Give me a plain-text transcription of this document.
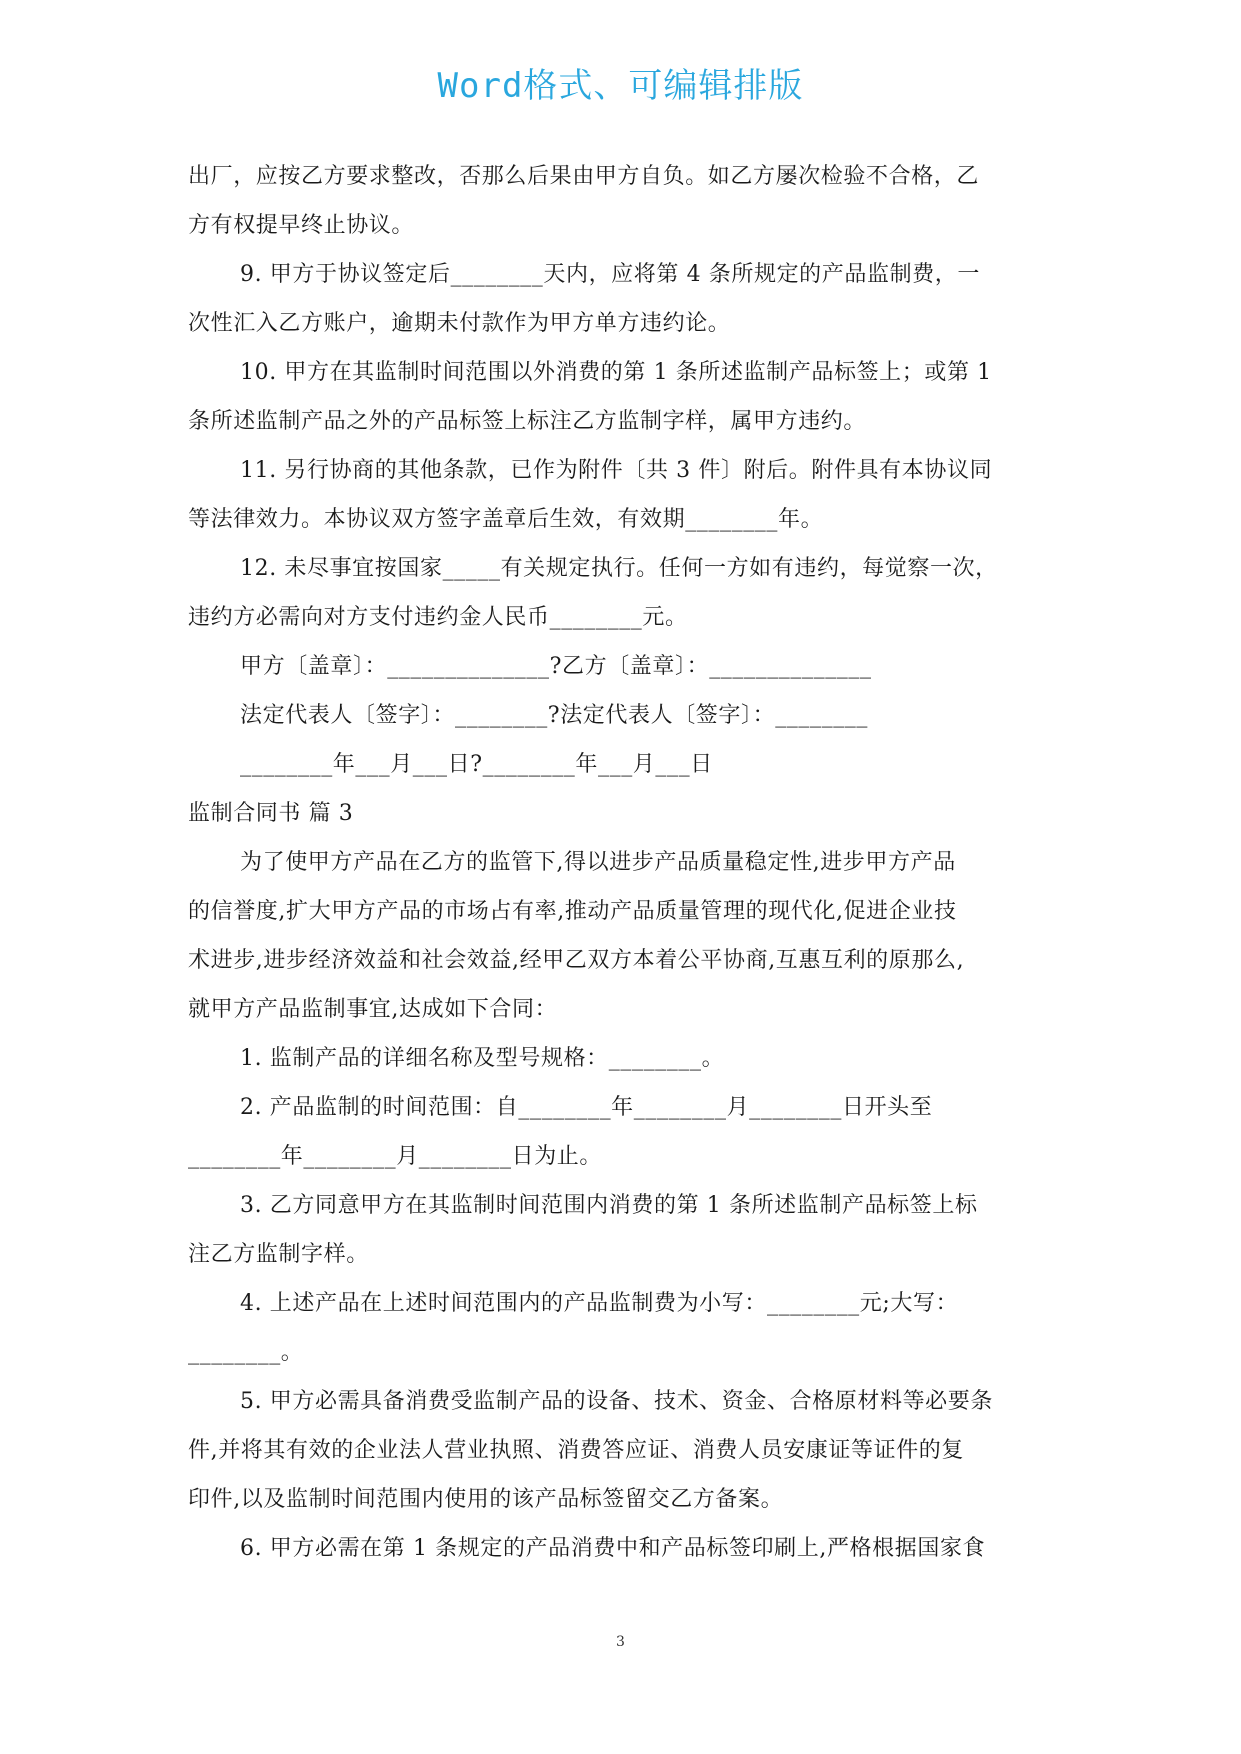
Word格式、可编辑排版
出厂，应按乙方要求整改，否那么后果由甲方自负。如乙方屡次检验不合格，乙
方有权提早终止协议。
9. 甲方于协议签定后________天内，应将第 4 条所规定的产品监制费，一
次性汇入乙方账户，逾期未付款作为甲方单方违约论。
10. 甲方在其监制时间范围以外消费的第 1 条所述监制产品标签上；或第 1
条所述监制产品之外的产品标签上标注乙方监制字样，属甲方违约。
11. 另行协商的其他条款，已作为附件〔共 3 件〕附后。附件具有本协议同
等法律效力。本协议双方签字盖章后生效，有效期________年。
12. 未尽事宜按国家_____有关规定执行。任何一方如有违约，每觉察一次，
违约方必需向对方支付违约金人民币________元。
甲方〔盖章〕：______________?乙方〔盖章〕：______________
法定代表人〔签字〕：________?法定代表人〔签字〕：________
________年___月___日?________年___月___日
监制合同书 篇 3
为了使甲方产品在乙方的监管下,得以进步产品质量稳定性,进步甲方产品
的信誉度,扩大甲方产品的市场占有率,推动产品质量管理的现代化,促进企业技
术进步,进步经济效益和社会效益,经甲乙双方本着公平协商,互惠互利的原那么,
就甲方产品监制事宜,达成如下合同：
1. 监制产品的详细名称及型号规格：________。
2. 产品监制的时间范围：自________年________月________日开头至
________年________月________日为止。
3. 乙方同意甲方在其监制时间范围内消费的第 1 条所述监制产品标签上标
注乙方监制字样。
4. 上述产品在上述时间范围内的产品监制费为小写：________元;大写：
________。
5. 甲方必需具备消费受监制产品的设备、技术、资金、合格原材料等必要条
件,并将其有效的企业法人营业执照、消费答应证、消费人员安康证等证件的复
印件,以及监制时间范围内使用的该产品标签留交乙方备案。
6. 甲方必需在第 1 条规定的产品消费中和产品标签印刷上,严格根据国家食
3
